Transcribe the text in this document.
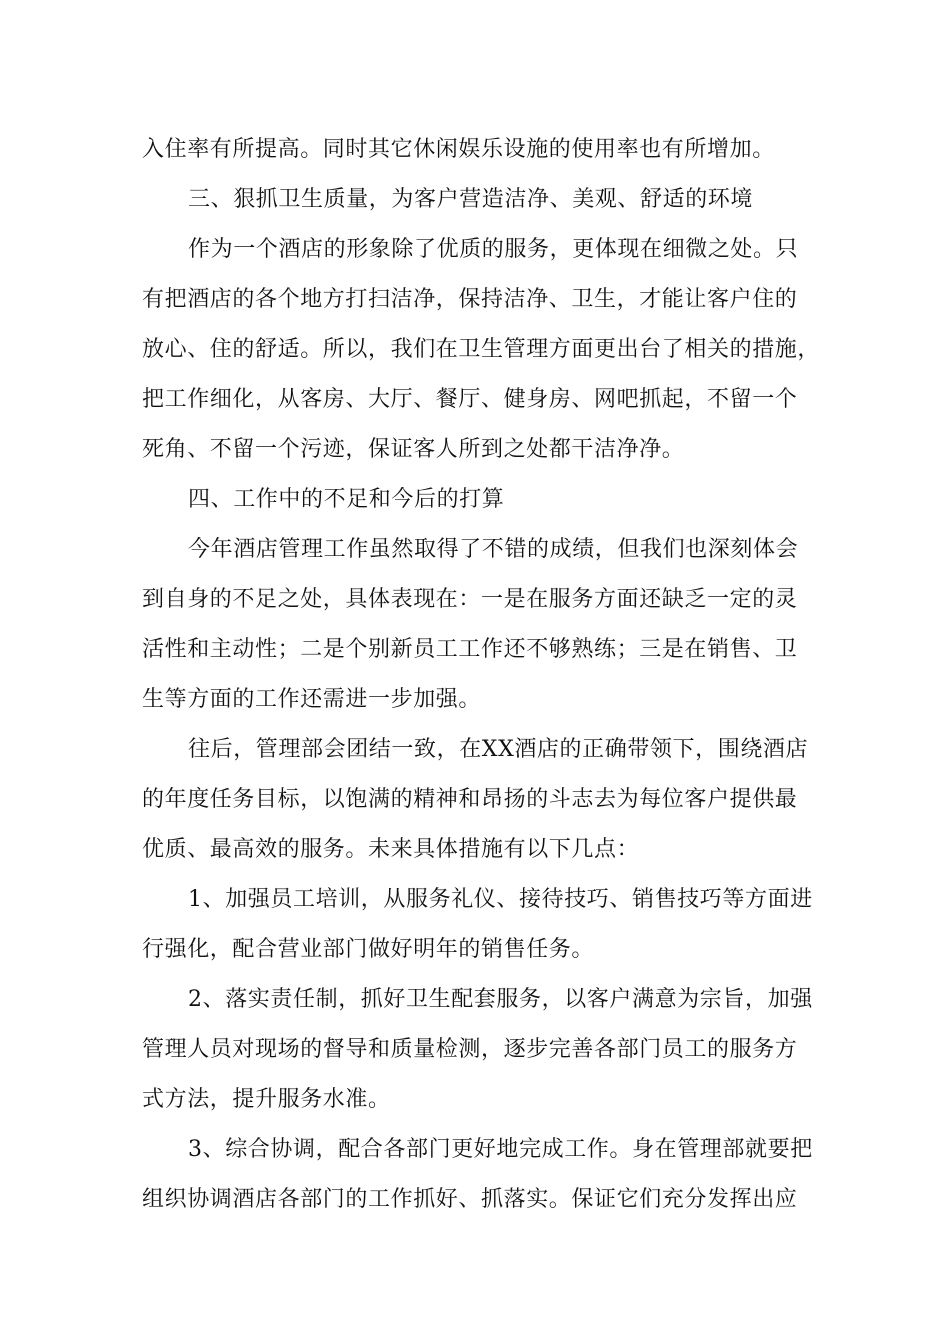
入住率有所提高。同时其它休闲娱乐设施的使用率也有所增加。
三、狠抓卫生质量，为客户营造洁净、美观、舒适的环境
作为一个酒店的形象除了优质的服务，更体现在细微之处。只
有把酒店的各个地方打扫洁净，保持洁净、卫生，才能让客户住的
放心、住的舒适。所以，我们在卫生管理方面更出台了相关的措施，
把工作细化，从客房、大厅、餐厅、健身房、网吧抓起，不留一个
死角、不留一个污迹，保证客人所到之处都干洁净净。
四、工作中的不足和今后的打算
今年酒店管理工作虽然取得了不错的成绩，但我们也深刻体会
到自身的不足之处，具体表现在：一是在服务方面还缺乏一定的灵
活性和主动性；二是个别新员工工作还不够熟练；三是在销售、卫
生等方面的工作还需进一步加强。
往后，管理部会团结一致，在XX酒店的正确带领下，围绕酒店
的年度任务目标，以饱满的精神和昂扬的斗志去为每位客户提供最
优质、最高效的服务。未来具体措施有以下几点：
1、加强员工培训，从服务礼仪、接待技巧、销售技巧等方面进
行强化，配合营业部门做好明年的销售任务。
2、落实责任制，抓好卫生配套服务，以客户满意为宗旨，加强
管理人员对现场的督导和质量检测，逐步完善各部门员工的服务方
式方法，提升服务水准。
3、综合协调，配合各部门更好地完成工作。身在管理部就要把
组织协调酒店各部门的工作抓好、抓落实。保证它们充分发挥出应
